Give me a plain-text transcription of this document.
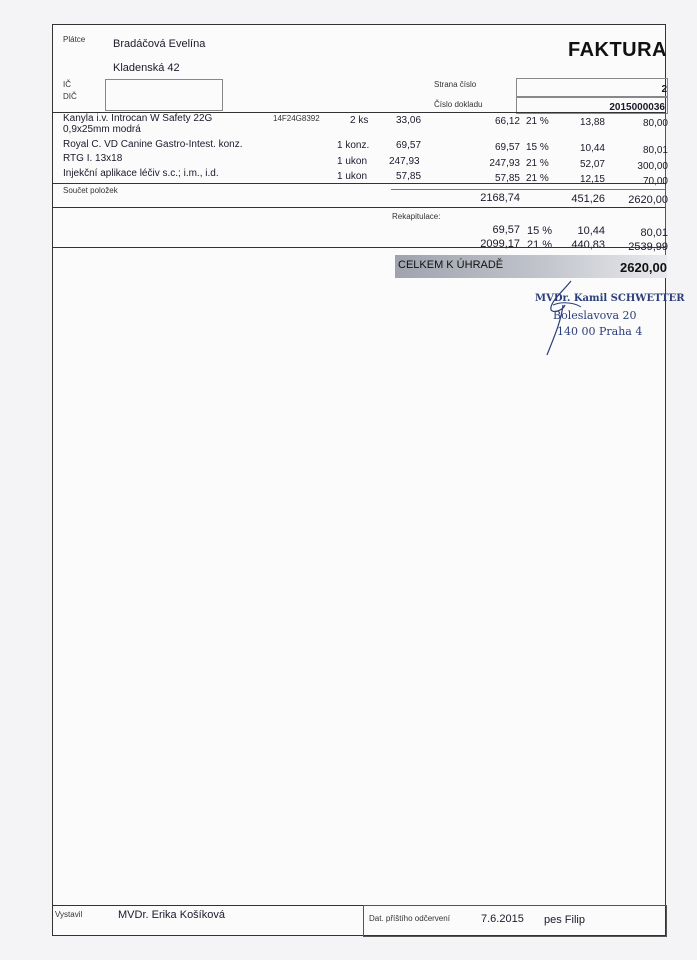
Plátce	Bradáčová Evelína
Kladenská 42
FAKTURA
IČ
DIČ
Strana číslo
Číslo dokladu
2
2015000036
Kanyla i.v. Introcan W Safety 22G
0,9x25mm modrá
14F24G8392	2 ks	33,06	66,12 21 %	13,88	80,00
Royal C. VD Canine Gastro-Intest. konz.	1 konz.	69,57	69,57 15 %	10,44	80,01
RTG I. 13x18	1 ukon 247,93	247,93 21 %	52,07	300,00
Injekční aplikace léčiv s.c.; i.m., i.d.	1 ukon	57,85	57,85 21 %	12,15	70,00
Součet položek
2168,74	451,26 2620,00
Rekapitulace:
69,57 15 % 10,44	80,01
2099,17 21 % 440,83 2539,99
CELKEM K ÚHRADĚ	2620,00
MVDr. Kamil SCHWETTER
Boleslavova 20
140 00 Praha 4
Vystavil	MVDr. Erika Košíková	Dat. příštího odčervení	7.6.2015 pes Filip
